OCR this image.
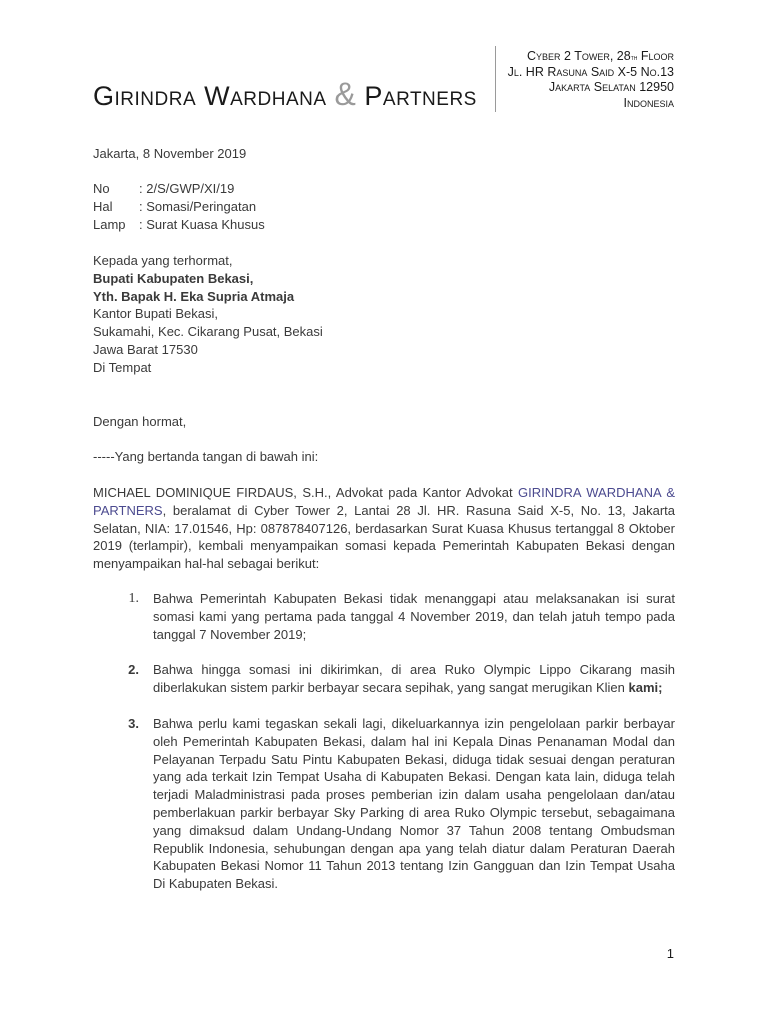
Girindra Wardhana & Partners
Cyber 2 Tower, 28th Floor
Jl. HR Rasuna Said X-5 No.13
Jakarta Selatan 12950
Indonesia
Jakarta, 8 November 2019
No	: 2/S/GWP/XI/19
Hal	: Somasi/Peringatan
Lamp	: Surat Kuasa Khusus
Kepada yang terhormat,
Bupati Kabupaten Bekasi,
Yth. Bapak H. Eka Supria Atmaja
Kantor Bupati Bekasi,
Sukamahi, Kec. Cikarang Pusat, Bekasi
Jawa Barat 17530
Di Tempat
Dengan hormat,
-----Yang bertanda tangan di bawah ini:
MICHAEL DOMINIQUE FIRDAUS, S.H., Advokat pada Kantor Advokat GIRINDRA WARDHANA & PARTNERS, beralamat di Cyber Tower 2, Lantai 28 Jl. HR. Rasuna Said X-5, No. 13, Jakarta Selatan, NIA: 17.01546, Hp: 087878407126, berdasarkan Surat Kuasa Khusus tertanggal 8 Oktober 2019 (terlampir), kembali menyampaikan somasi kepada Pemerintah Kabupaten Bekasi dengan menyampaikan hal-hal sebagai berikut:
1.	Bahwa Pemerintah Kabupaten Bekasi tidak menanggapi atau melaksanakan isi surat somasi kami yang pertama pada tanggal 4 November 2019, dan telah jatuh tempo pada tanggal 7 November 2019;
2.	Bahwa hingga somasi ini dikirimkan, di area Ruko Olympic Lippo Cikarang masih diberlakukan sistem parkir berbayar secara sepihak, yang sangat merugikan Klien kami;
3.	Bahwa perlu kami tegaskan sekali lagi, dikeluarkannya izin pengelolaan parkir berbayar oleh Pemerintah Kabupaten Bekasi, dalam hal ini Kepala Dinas Penanaman Modal dan Pelayanan Terpadu Satu Pintu Kabupaten Bekasi, diduga tidak sesuai dengan peraturan yang ada terkait Izin Tempat Usaha di Kabupaten Bekasi. Dengan kata lain, diduga telah terjadi Maladministrasi pada proses pemberian izin dalam usaha pengelolaan dan/atau pemberlakuan parkir berbayar Sky Parking di area Ruko Olympic tersebut, sebagaimana yang dimaksud dalam Undang-Undang Nomor 37 Tahun 2008 tentang Ombudsman Republik Indonesia, sehubungan dengan apa yang telah diatur dalam Peraturan Daerah Kabupaten Bekasi Nomor 11 Tahun 2013 tentang Izin Gangguan dan Izin Tempat Usaha Di Kabupaten Bekasi.
1
